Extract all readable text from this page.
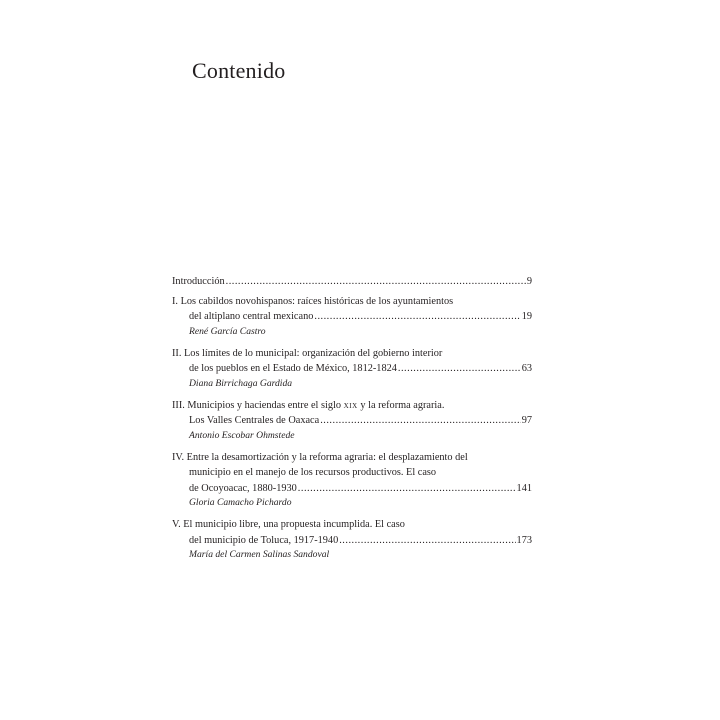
Contenido
Introducción .....	9
I. Los cabildos novohispanos: raíces históricas de los ayuntamientos
del altiplano central mexicano .....	19
René García Castro
II. Los límites de lo municipal: organización del gobierno interior
de los pueblos en el Estado de México, 1812-1824 .....	63
Diana Birrichaga Gardida
III. Municipios y haciendas entre el siglo xix y la reforma agraria.
Los Valles Centrales de Oaxaca .....	97
Antonio Escobar Ohmstede
IV. Entre la desamortización y la reforma agraria: el desplazamiento del
municipio en el manejo de los recursos productivos. El caso
de Ocoyoacac, 1880-1930 .....	141
Gloria Camacho Pichardo
V. El municipio libre, una propuesta incumplida. El caso
del municipio de Toluca, 1917-1940 .....	173
María del Carmen Salinas Sandoval
